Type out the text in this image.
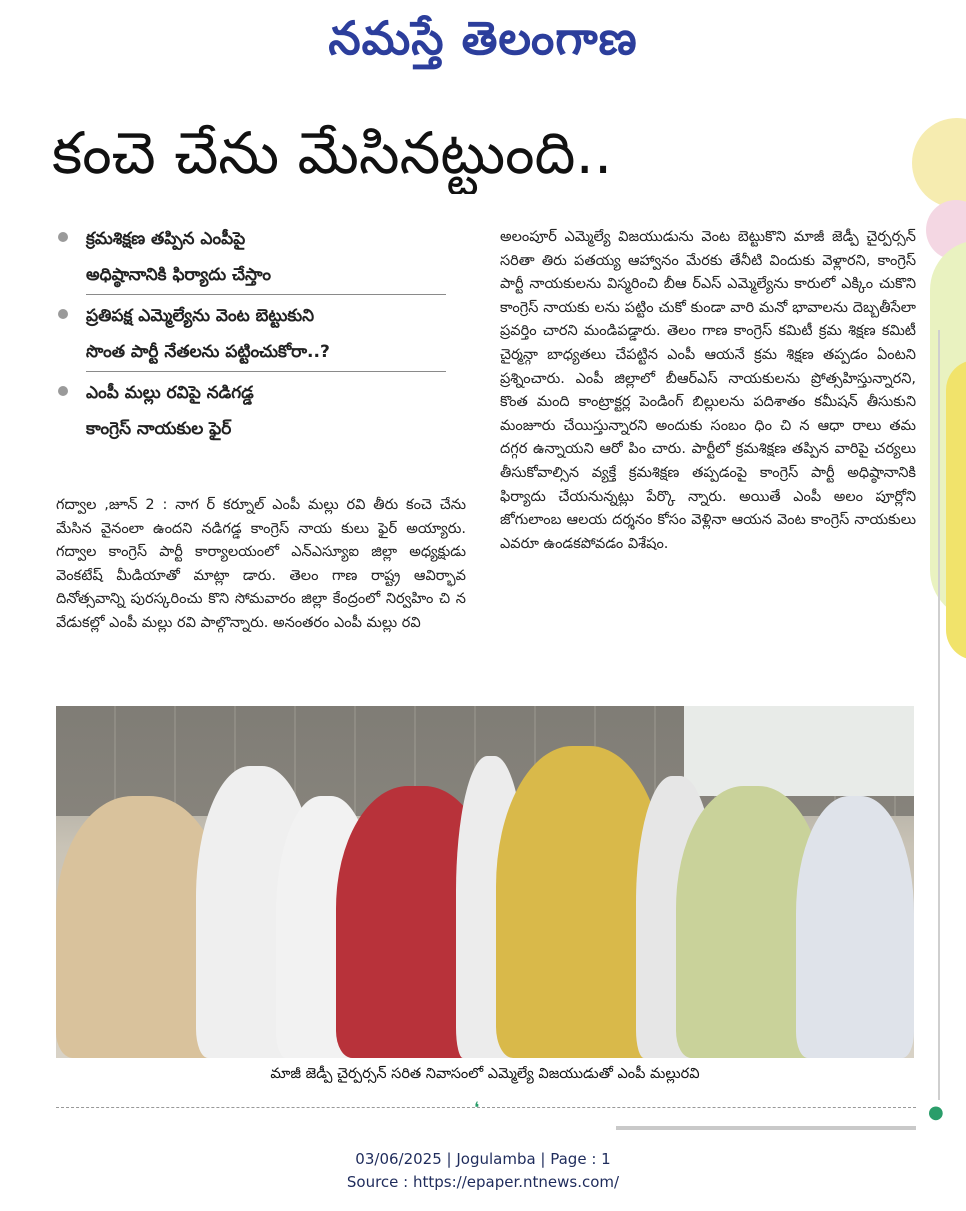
నమస్తే తెలంగాణ
కంచె చేను మేసినట్టుంది..
క్రమశిక్షణ తప్పిన ఎంపీపై
అధిష్ఠానానికి ఫిర్యాదు చేస్తాం
ప్రతిపక్ష ఎమ్మెల్యేను వెంట బెట్టుకుని
సొంత పార్టీ నేతలను పట్టించుకోరా..?
ఎంపీ మల్లు రవిపై నడిగడ్డ
కాంగ్రెస్ నాయకుల ఫైర్

గద్వాల ,జూన్ 2 : నాగ ర్ కర్నూల్ ఎంపీ మల్లు రవి తీరు కంచె చేను మేసిన వైనంలా ఉందని నడిగడ్డ కాంగ్రెస్ నాయ కులు ఫైర్ అయ్యారు. గద్వాల కాంగ్రెస్ పార్టీ కార్యాలయంలో ఎన్ఎస్యూఐ జిల్లా అధ్యక్షుడు వెంకటేష్ మీడియాతో మాట్లా డారు. తెలం గాణ రాష్ట్ర ఆవిర్భావ దినోత్సవాన్ని పురస్కరించు కొని సోమవారం జిల్లా కేంద్రంలో నిర్వహిం చి న వేడుకల్లో ఎంపీ మల్లు రవి పాల్గొన్నారు. అనంతరం ఎంపీ మల్లు రవి

అలంపూర్ ఎమ్మెల్యే విజయుడును వెంట బెట్టుకొని మాజీ జెడ్పీ చైర్పర్సన్ సరితా తిరు పతయ్య ఆహ్వానం మేరకు తేనీటి విందుకు వెళ్లారని, కాంగ్రెస్ పార్టీ నాయకులను విస్మరించి బీఆ ర్ఎస్ ఎమ్మెల్యేను కారులో ఎక్కిం చుకొని కాంగ్రెస్ నాయకు లను పట్టిం చుకో కుండా వారి మనో భావాలను దెబ్బతీసేలా ప్రవర్తిం చారని మండిపడ్డారు. తెలం గాణ కాంగ్రెస్ కమిటీ క్రమ శిక్షణ కమిటీ చైర్మన్గా బాధ్యతలు చేపట్టిన ఎంపీ ఆయనే క్రమ శిక్షణ తప్పడం ఏంటని ప్రశ్నించారు. ఎంపీ జిల్లాలో బీఆర్ఎస్ నాయకులను ప్రోత్సహిస్తున్నారని, కొంత మంది కాంట్రాక్టర్ల పెండింగ్ బిల్లులను పదిశాతం కమీషన్ తీసుకుని మంజూరు చేయిస్తున్నారని అందుకు సంబం ధిం చి న ఆధా రాలు తమ దగ్గర ఉన్నాయని ఆరో పిం చారు. పార్టీలో క్రమశిక్షణ తప్పిన వారిపై చర్యలు తీసుకోవాల్సిన వ్యక్తే క్రమశిక్షణ తప్పడంపై కాంగ్రెస్ పార్టీ అధిష్ఠానానికి ఫిర్యాదు చేయనున్నట్లు పేర్కొ న్నారు. అయితే ఎంపీ అలం పూర్లోని జోగులాంబ ఆలయ దర్శనం కోసం వెళ్లినా ఆయన వెంట కాంగ్రెస్ నాయకులు ఎవరూ ఉండకపోవడం విశేషం.

మాజీ జెడ్పీ చైర్పర్సన్ సరిత నివాసంలో ఎమ్మెల్యే విజయుడుతో ఎంపీ మల్లురవి
❛	●
03/06/2025 | Jogulamba | Page : 1
Source : https://epaper.ntnews.com/
